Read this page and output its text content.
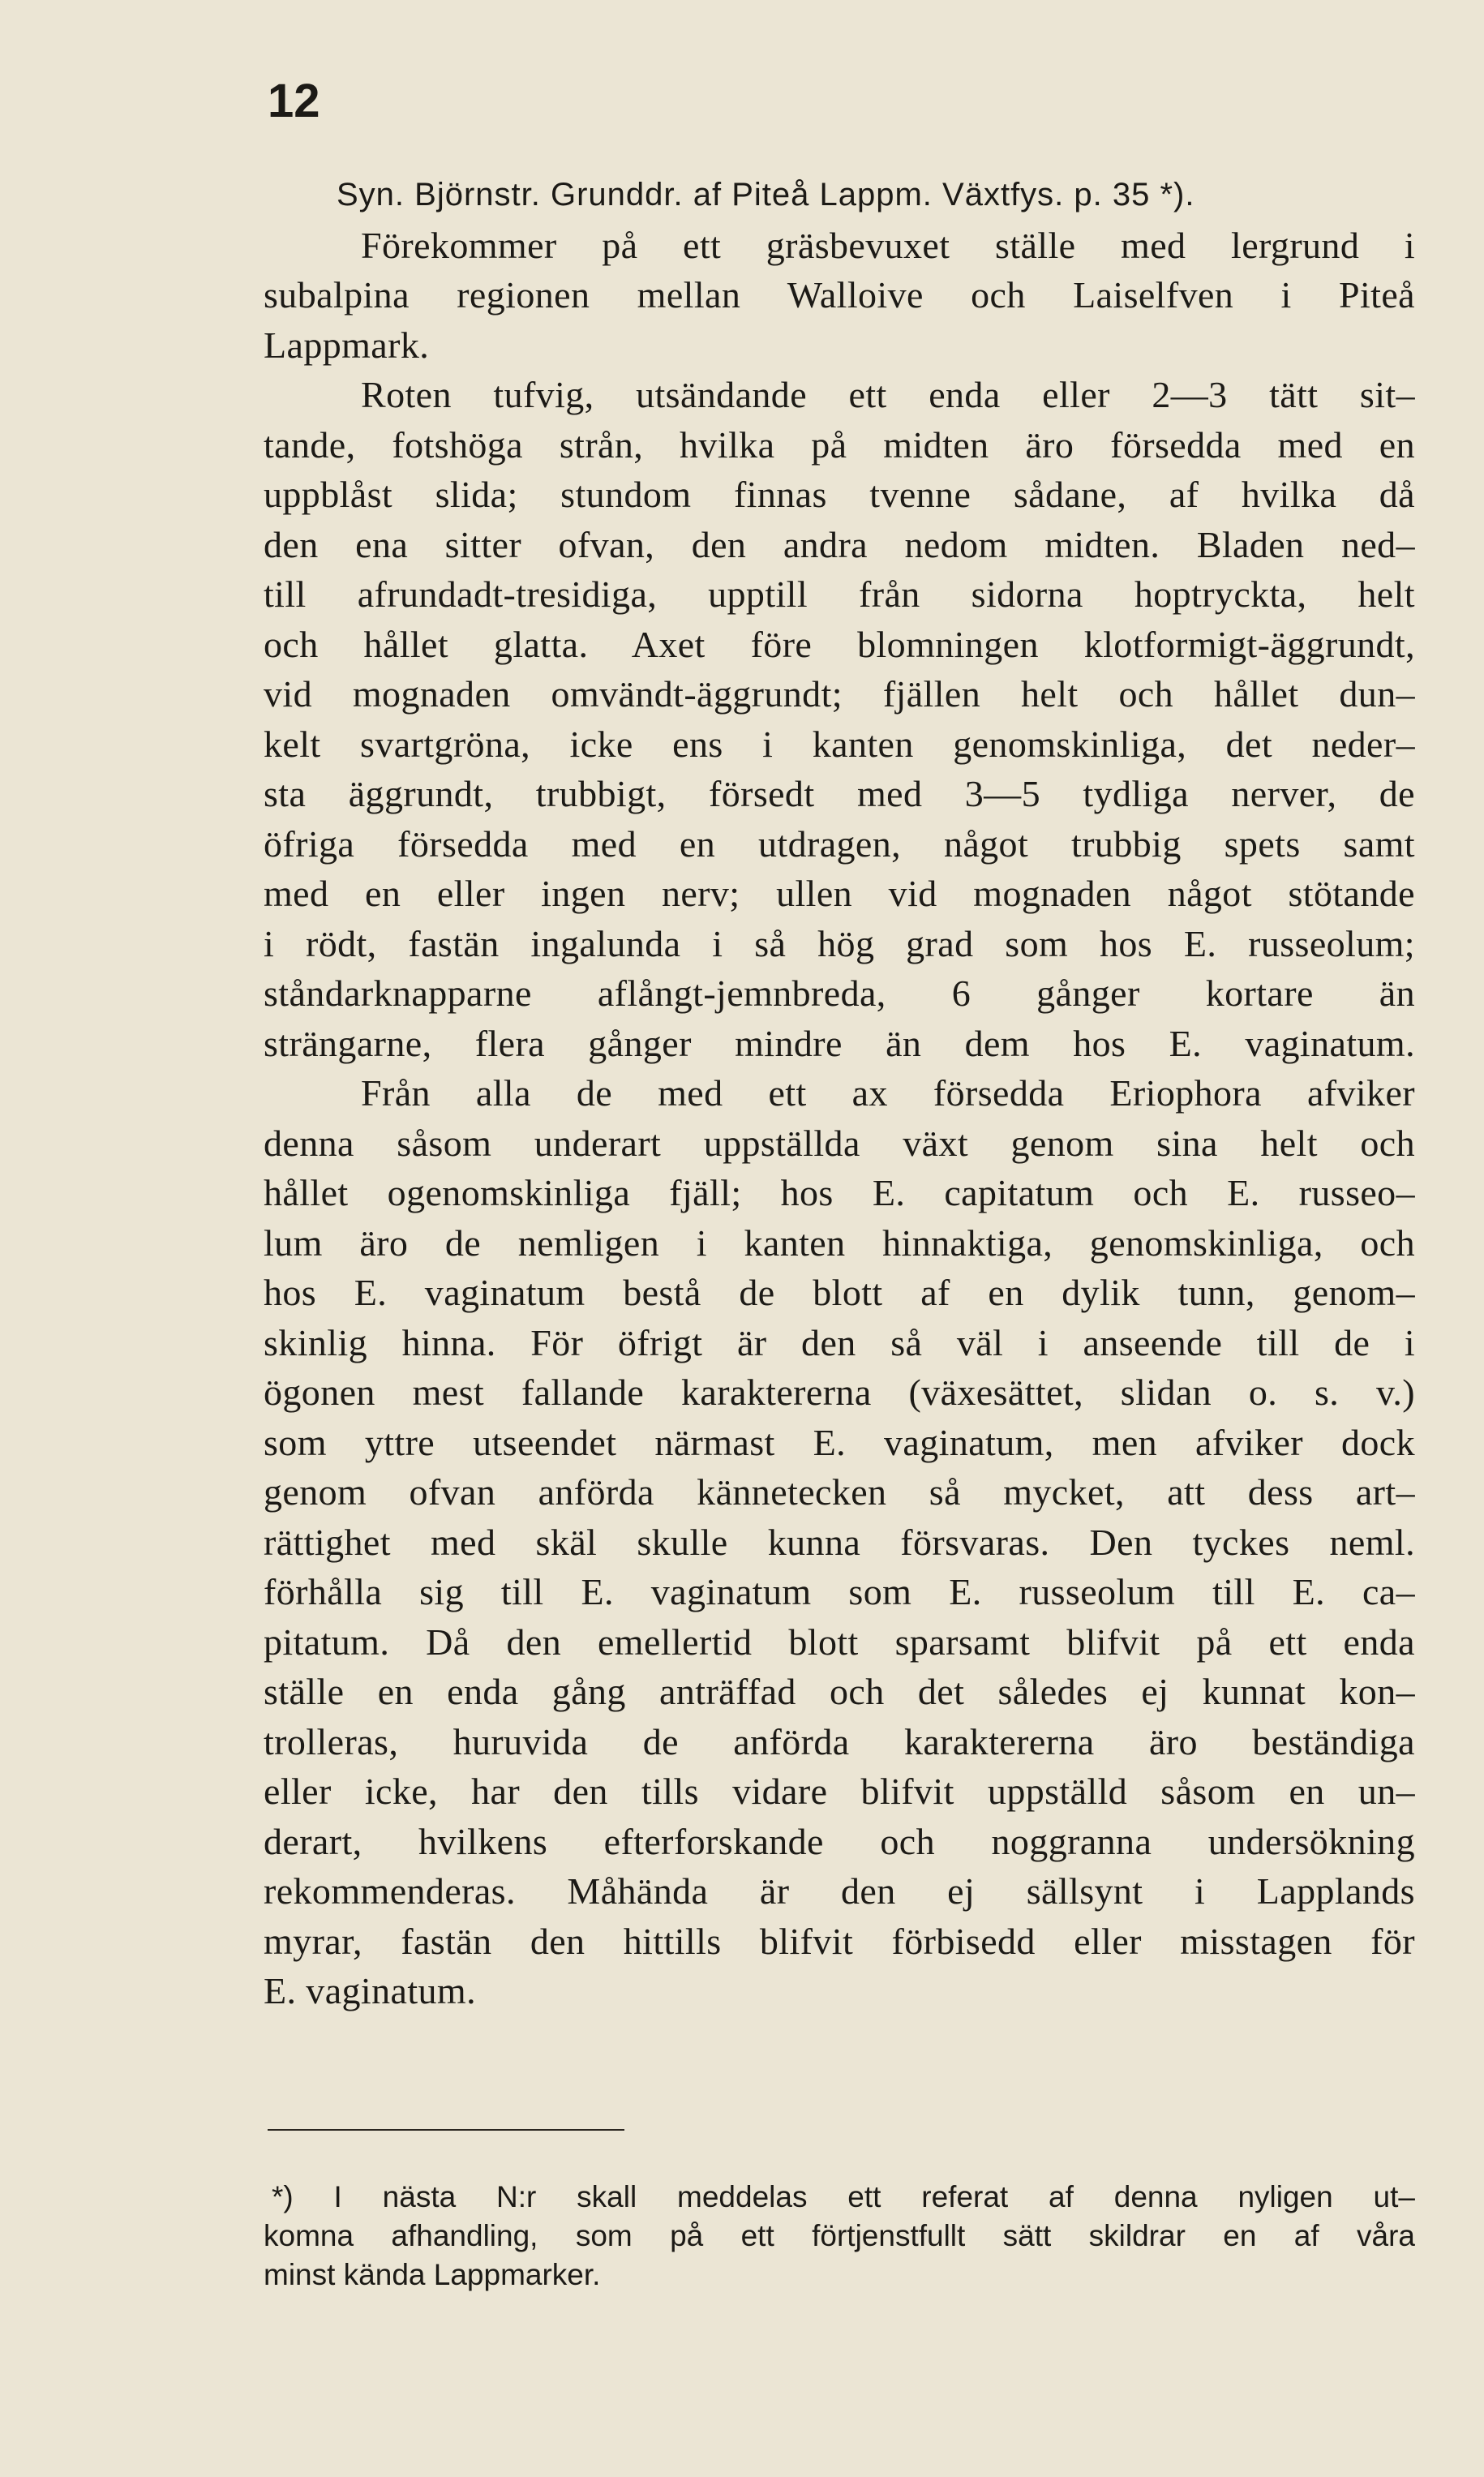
12
Syn. Björnstr. Grunddr. af Piteå Lappm. Växtfys. p. 35 *).
Förekommer på ett gräsbevuxet ställe med lergrund i
subalpina regionen mellan Walloive och Laiselfven i Piteå
Lappmark.
Roten tufvig, utsändande ett enda eller 2—3 tätt sit–
tande, fotshöga strån, hvilka på midten äro försedda med en
uppblåst slida; stundom finnas tvenne sådane, af hvilka då
den ena sitter ofvan, den andra nedom midten. Bladen ned–
till afrundadt-tresidiga, upptill från sidorna hoptryckta, helt
och hållet glatta. Axet före blomningen klotformigt-äggrundt,
vid mognaden omvändt-äggrundt; fjällen helt och hållet dun–
kelt svartgröna, icke ens i kanten genomskinliga, det neder–
sta äggrundt, trubbigt, försedt med 3—5 tydliga nerver, de
öfriga försedda med en utdragen, något trubbig spets samt
med en eller ingen nerv; ullen vid mognaden något stötande
i rödt, fastän ingalunda i så hög grad som hos E. russeolum;
ståndarknapparne aflångt-jemnbreda, 6 gånger kortare än
strängarne, flera gånger mindre än dem hos E. vaginatum.
Från alla de med ett ax försedda Eriophora afviker
denna såsom underart uppställda växt genom sina helt och
hållet ogenomskinliga fjäll; hos E. capitatum och E. russeo–
lum äro de nemligen i kanten hinnaktiga, genomskinliga, och
hos E. vaginatum bestå de blott af en dylik tunn, genom–
skinlig hinna. För öfrigt är den så väl i anseende till de i
ögonen mest fallande karaktererna (växesättet, slidan o. s. v.)
som yttre utseendet närmast E. vaginatum, men afviker dock
genom ofvan anförda kännetecken så mycket, att dess art–
rättighet med skäl skulle kunna försvaras. Den tyckes neml.
förhålla sig till E. vaginatum som E. russeolum till E. ca–
pitatum. Då den emellertid blott sparsamt blifvit på ett enda
ställe en enda gång anträffad och det således ej kunnat kon–
trolleras, huruvida de anförda karaktererna äro beständiga
eller icke, har den tills vidare blifvit uppställd såsom en un–
derart, hvilkens efterforskande och noggranna undersökning
rekommenderas. Måhända är den ej sällsynt i Lapplands
myrar, fastän den hittills blifvit förbisedd eller misstagen för
E. vaginatum.
*) I nästa N:r skall meddelas ett referat af denna nyligen ut–
komna afhandling, som på ett förtjenstfullt sätt skildrar en af våra
minst kända Lappmarker.
